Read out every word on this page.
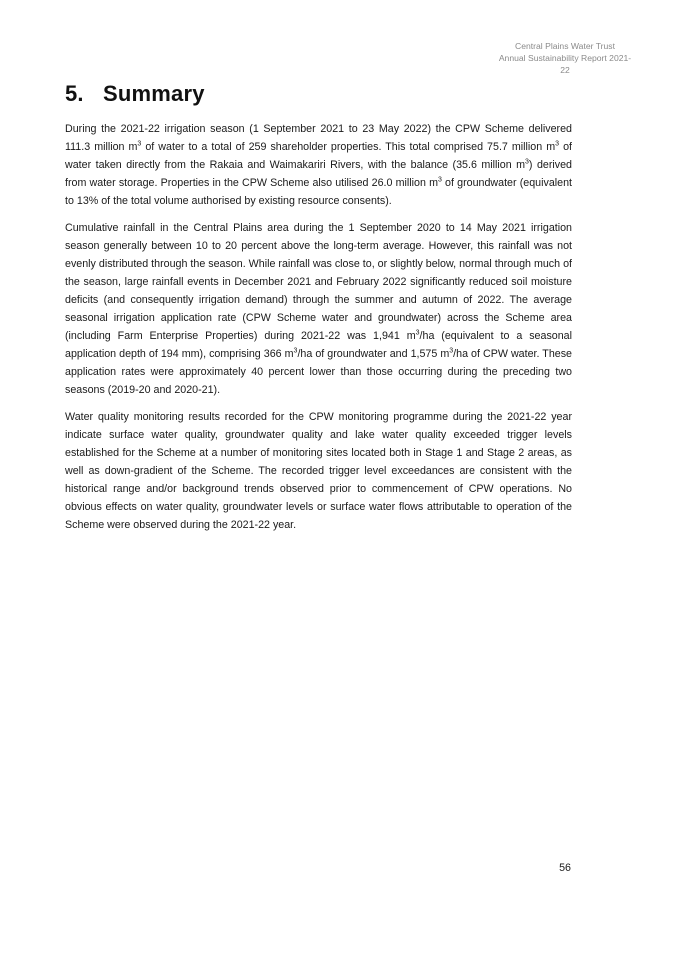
Central Plains Water Trust
Annual Sustainability Report 2021-22
5. Summary

During the 2021-22 irrigation season (1 September 2021 to 23 May 2022) the CPW Scheme delivered 111.3 million $m^3$ of water to a total of 259 shareholder properties. This total comprised 75.7 million $m^3$ of water taken directly from the Rakaia and Waimakariri Rivers, with the balance (35.6 million $m^3$) derived from water storage. Properties in the CPW Scheme also utilised 26.0 million $m^3$ of groundwater (equivalent to 13% of the total volume authorised by existing resource consents).

Cumulative rainfall in the Central Plains area during the 1 September 2020 to 14 May 2021 irrigation season generally between 10 to 20 percent above the long-term average. However, this rainfall was not evenly distributed through the season. While rainfall was close to, or slightly below, normal through much of the season, large rainfall events in December 2021 and February 2022 significantly reduced soil moisture deficits (and consequently irrigation demand) through the summer and autumn of 2022. The average seasonal irrigation application rate (CPW Scheme water and groundwater) across the Scheme area (including Farm Enterprise Properties) during 2021-22 was 1,941 $m^3/ha$ (equivalent to a seasonal application depth of 194 mm), comprising 366 $m^3/ha$ of groundwater and 1,575 $m^3/ha$ of CPW water. These application rates were approximately 40 percent lower than those occurring during the preceding two seasons (2019-20 and 2020-21).

Water quality monitoring results recorded for the CPW monitoring programme during the 2021-22 year indicate surface water quality, groundwater quality and lake water quality exceeded trigger levels established for the Scheme at a number of monitoring sites located both in Stage 1 and Stage 2 areas, as well as down-gradient of the Scheme. The recorded trigger level exceedances are consistent with the historical range and/or background trends observed prior to commencement of CPW operations. No obvious effects on water quality, groundwater levels or surface water flows attributable to operation of the Scheme were observed during the 2021-22 year.

56
